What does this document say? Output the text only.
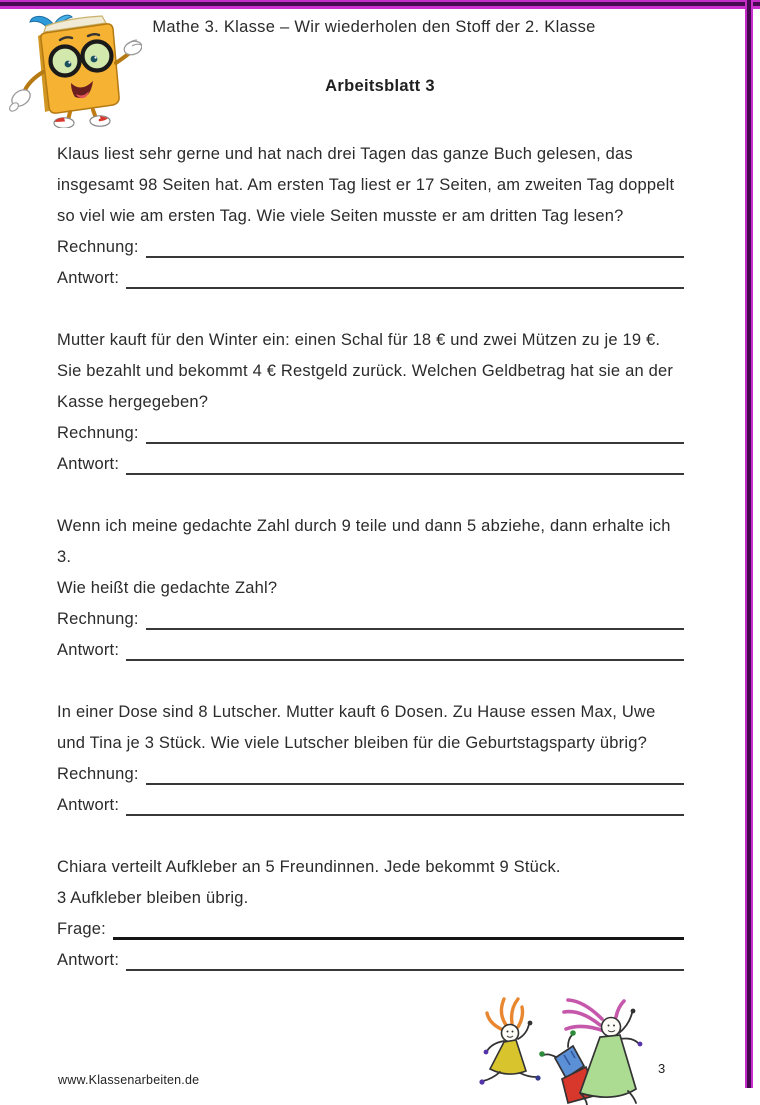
Mathe 3. Klasse – Wir wiederholen den Stoff der 2. Klasse
Arbeitsblatt 3

Klaus liest sehr gerne und hat nach drei Tagen das ganze Buch gelesen, das insgesamt 98 Seiten hat. Am ersten Tag liest er 17 Seiten, am zweiten Tag doppelt so viel wie am ersten Tag. Wie viele Seiten musste er am dritten Tag lesen?

Rechnung:
Antwort:

Mutter kauft für den Winter ein: einen Schal für 18 € und zwei Mützen zu je 19 €. Sie bezahlt und bekommt 4 € Restgeld zurück. Welchen Geldbetrag hat sie an der Kasse hergegeben?

Rechnung:
Antwort:

Wenn ich meine gedachte Zahl durch 9 teile und dann 5 abziehe, dann erhalte ich 3.

Wie heißt die gedachte Zahl?

Rechnung:
Antwort:

In einer Dose sind 8 Lutscher. Mutter kauft 6 Dosen. Zu Hause essen Max, Uwe und Tina je 3 Stück. Wie viele Lutscher bleiben für die Geburtstagsparty übrig?

Rechnung:
Antwort:

Chiara verteilt Aufkleber an 5 Freundinnen. Jede bekommt 9 Stück.

3 Aufkleber bleiben übrig.

Frage:
Antwort:
www.Klassenarbeiten.de
3
